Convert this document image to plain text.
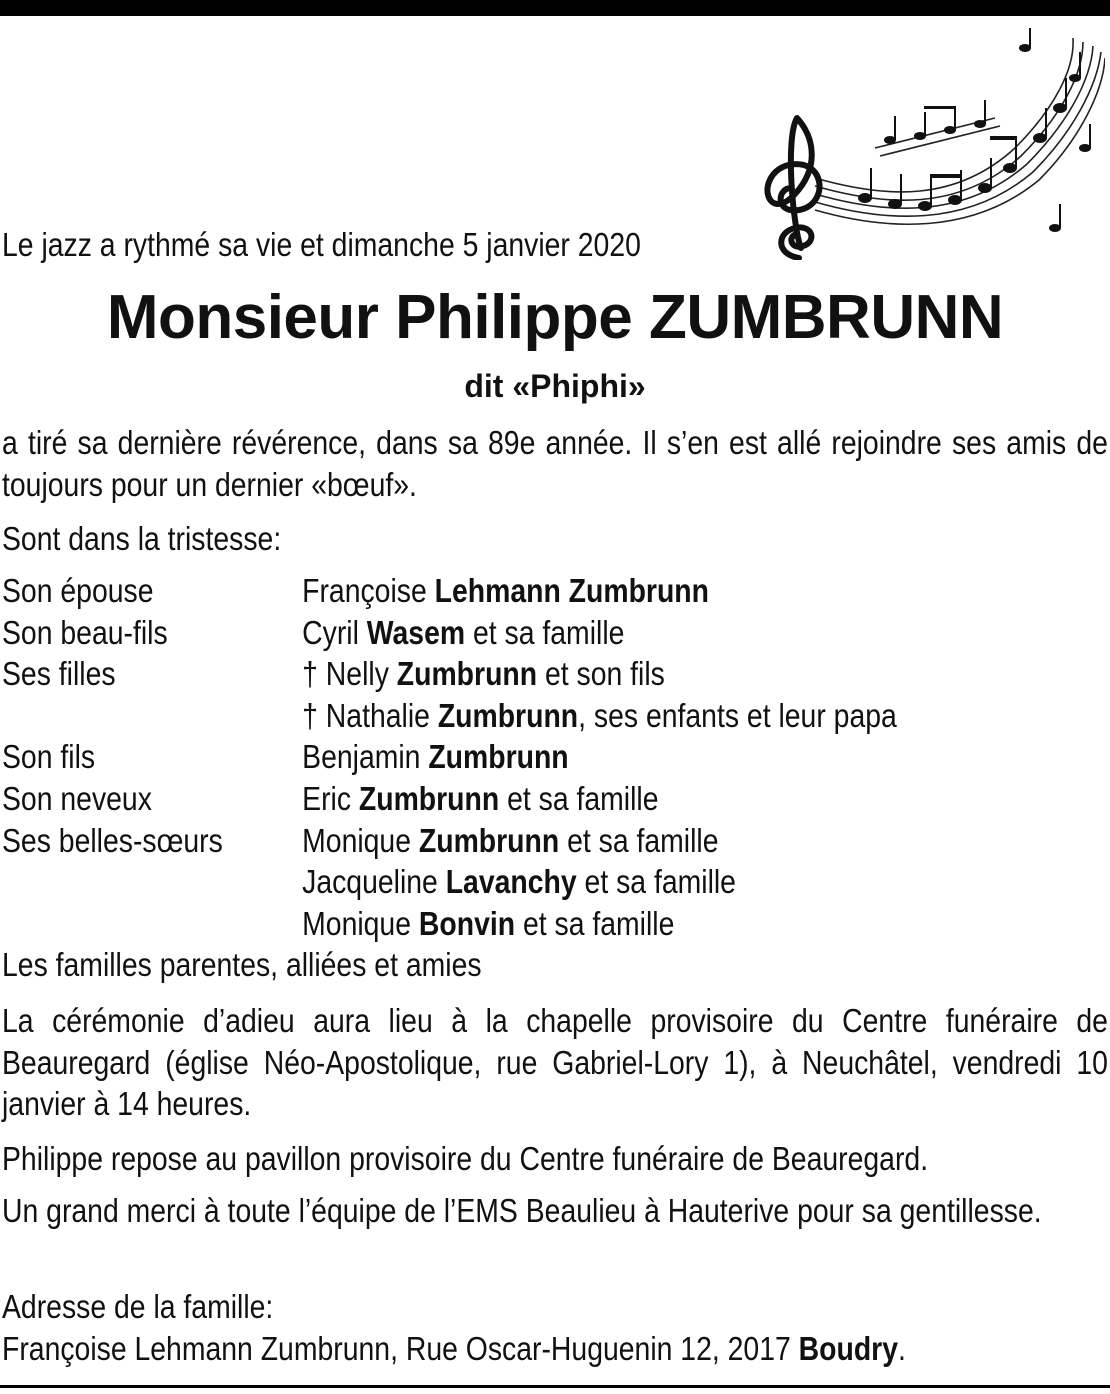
Le jazz a rythmé sa vie et dimanche 5 janvier 2020
Monsieur Philippe ZUMBRUNN
dit «Phiphi»
a tiré sa dernière révérence, dans sa 89e année. Il s’en est allé rejoindre ses amis de toujours pour un dernier «bœuf».
Sont dans la tristesse:
Son épouse	Françoise Lehmann Zumbrunn
Son beau-fils	Cyril Wasem et sa famille
Ses filles	† Nelly Zumbrunn et son fils
† Nathalie Zumbrunn, ses enfants et leur papa
Son fils	Benjamin Zumbrunn
Son neveux	Eric Zumbrunn et sa famille
Ses belles-sœurs	Monique Zumbrunn et sa famille
Jacqueline Lavanchy et sa famille
Monique Bonvin et sa famille
Les familles parentes, alliées et amies
La cérémonie d’adieu aura lieu à la chapelle provisoire du Centre funéraire de Beauregard (église Néo-Apostolique, rue Gabriel-Lory 1), à Neuchâtel, vendredi 10 janvier à 14 heures.
Philippe repose au pavillon provisoire du Centre funéraire de Beauregard.
Un grand merci à toute l’équipe de l’EMS Beaulieu à Hauterive pour sa gentillesse.
Adresse de la famille:
Françoise Lehmann Zumbrunn, Rue Oscar-Huguenin 12, 2017 Boudry.
